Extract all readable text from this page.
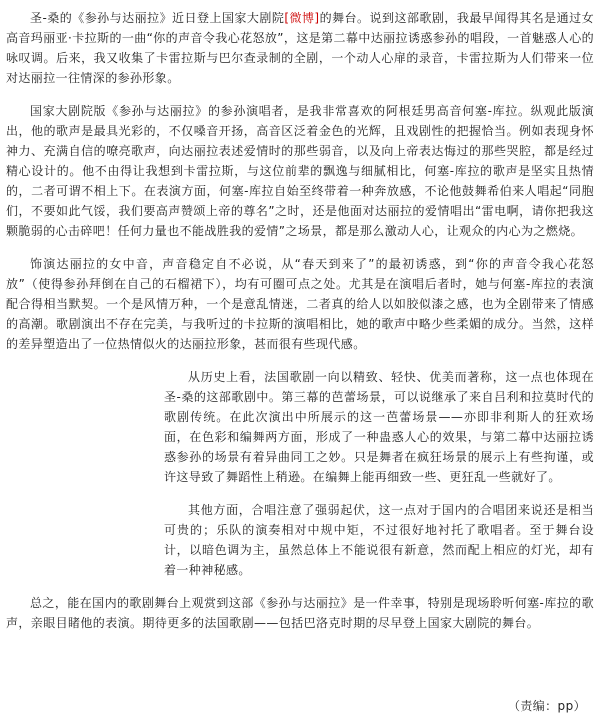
圣-桑的《参孙与达丽拉》近日登上国家大剧院[微博]的舞台。说到这部歌剧，我最早闻得其名是通过女高音玛丽亚·卡拉斯的一曲“你的声音令我心花怒放”，这是第二幕中达丽拉诱惑参孙的唱段，一首魅惑人心的咏叹调。后来，我又收集了卡雷拉斯与巴尔查录制的全剧，一个动人心扉的录音，卡雷拉斯为人们带来一位对达丽拉一往情深的参孙形象。

国家大剧院版《参孙与达丽拉》的参孙演唱者，是我非常喜欢的阿根廷男高音何塞-库拉。纵观此版演出，他的歌声是最具光彩的，不仅嗓音开扬，高音区泛着金色的光辉，且戏剧性的把握恰当。例如表现身怀神力、充满自信的嘹亮歌声，向达丽拉表述爱情时的那些弱音，以及向上帝表达悔过的那些哭腔，都是经过精心设计的。他不由得让我想到卡雷拉斯，与这位前辈的飘逸与细腻相比，何塞-库拉的歌声是坚实且热情的，二者可谓不相上下。在表演方面，何塞-库拉自始至终带着一种奔放感，不论他鼓舞希伯来人唱起“同胞们，不要如此气馁，我们要高声赞颂上帝的尊名”之时，还是他面对达丽拉的爱情唱出“雷电啊，请你把我这颗脆弱的心击碎吧！任何力量也不能战胜我的爱情”之场景，都是那么激动人心，让观众的内心为之燃烧。

饰演达丽拉的女中音，声音稳定自不必说，从“春天到来了”的最初诱惑，到“你的声音令我心花怒放”（使得参孙拜倒在自己的石榴裙下），均有可圈可点之处。尤其是在演唱后者时，她与何塞-库拉的表演配合得相当默契。一个是风情万种，一个是意乱情迷，二者真的给人以如胶似漆之感，也为全剧带来了情感的高潮。歌剧演出不存在完美，与我听过的卡拉斯的演唱相比，她的歌声中略少些柔媚的成分。当然，这样的差异塑造出了一位热情似火的达丽拉形象，甚而很有些现代感。

从历史上看，法国歌剧一向以精致、轻快、优美而著称，这一点也体现在圣-桑的这部歌剧中。第三幕的芭蕾场景，可以说继承了来自吕利和拉莫时代的歌剧传统。在此次演出中所展示的这一芭蕾场景——亦即非利斯人的狂欢场面，在色彩和编舞两方面，形成了一种蛊惑人心的效果，与第二幕中达丽拉诱惑参孙的场景有着异曲同工之妙。只是舞者在疯狂场景的展示上有些拘谨，或许这导致了舞蹈性上稍逊。在编舞上能再细致一些、更狂乱一些就好了。

其他方面，合唱注意了强弱起伏，这一点对于国内的合唱团来说还是相当可贵的；乐队的演奏相对中规中矩，不过很好地衬托了歌唱者。至于舞台设计，以暗色调为主，虽然总体上不能说很有新意，然而配上相应的灯光，却有着一种神秘感。

总之，能在国内的歌剧舞台上观赏到这部《参孙与达丽拉》是一件幸事，特别是现场聆听何塞-库拉的歌声，亲眼目睹他的表演。期待更多的法国歌剧——包括巴洛克时期的尽早登上国家大剧院的舞台。

（责编：pp）
